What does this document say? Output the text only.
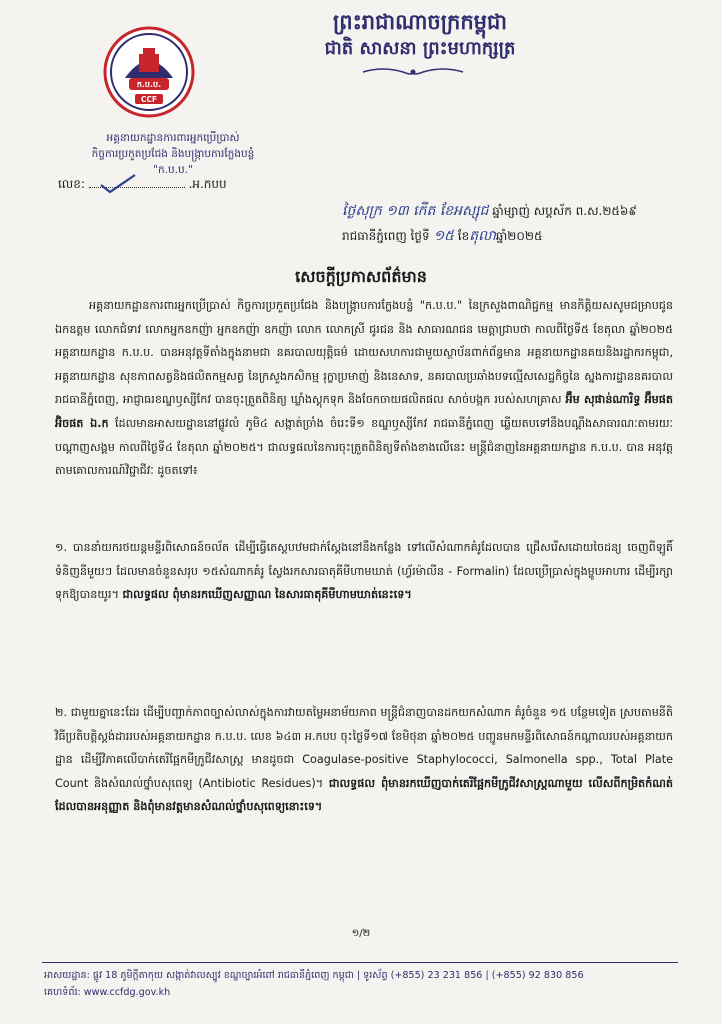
ក.ប.ប.
CCF
ព្រះរាជាណាចក្រកម្ពុជា
ជាតិ សាសនា ព្រះមហាក្សត្រ
អគ្គនាយកដ្ឋានការពារអ្នកប្រើប្រាស់
កិច្ចការប្រកួតប្រជែង និងបង្ក្រាបការក្លែងបន្លំ
"ក.ប.ប."
លេខ:	.អ.កបប
ថ្ងៃសុក្រ ១៣ កើត ខែអស្សុជ ឆ្នាំម្សាញ់ សប្តស័ក ព.ស.២៥៦៩
រាជធានីភ្នំពេញ ថ្ងៃទី ១៥ ខែតុលាឆ្នាំ២០២៥
សេចក្តីប្រកាសព័ត៌មាន
អគ្គនាយកដ្ឋានការពារអ្នកប្រើប្រាស់ កិច្ចការប្រកួតប្រជែង និងបង្ក្រាបការក្លែងបន្លំ "ក.ប.ប." នៃក្រសួងពាណិជ្ជកម្ម មានកិត្តិយសសូមជម្រាបជូន ឯកឧត្តម លោកជំទាវ លោកអ្នកឧកញ៉ា អ្នកឧកញ៉ា ឧកញ៉ា លោក លោកស្រី ជូរជន និង សាធារណជន មេត្តាជ្រាបថា កាលពីថ្ងៃទី៥ ខែតុលា ឆ្នាំ២០២៥ អគ្គនាយកដ្ឋាន ក.ប.ប. បានអនុវត្តទីតាំងក្នុងនាមជា នគរបាលយុត្តិធម៌ ដោយសហការជាមួយស្ថាប័នពាក់ព័ន្ធមាន អគ្គនាយកដ្ឋានគយនិងរដ្ឋាករកម្ពុជា, អគ្គនាយកដ្ឋាន សុខភាពសត្វនិងផលិតកម្មសត្វ នៃក្រសួងកសិកម្ម រុក្ខាប្រមាញ់ និងនេសាទ, នគរបាលប្រឆាំងបទល្មើសសេដ្ឋកិច្ចនៃ ស្នងការដ្ឋាននគរបាលរាជធានីភ្នំពេញ, អាជ្ញាធរខណ្ឌឫស្សីកែវ បានចុះត្រួតពិនិត្យ ឃ្លាំងស្តុកទុក និងចែកចាយផលិតផល សាច់បង្កក របស់សហគ្រាស អ៊ឹម សុផាន់ណារិទ្ធ អ៊ឹមផត អ៊ិចផត ឯ.ក ដែលមានអាសយដ្ឋាននៅផ្លូវលំ ភូមិ៤ សង្កាត់ច្រាំង ចំរេះទី១ ខណ្ឌឫស្សីកែវ រាជធានីភ្នំពេញ ឆ្លើយតបទៅនឹងបណ្តឹងសាធារណៈតាមរយៈបណ្តាញសង្គម កាលពីថ្ងៃទី៤ ខែតុលា ឆ្នាំ២០២៥។ ជាលទ្ធផលនៃការចុះត្រួតពិនិត្យទីតាំងខាងលើនេះ មន្ត្រីជំនាញនៃអគ្គនាយកដ្ឋាន ក.ប.ប. បាន អនុវត្តតាមគោលការណ៍វិជ្ជាជីវៈ ដូចតទៅ៖
១. បាននាំយករថយន្តមន្ទីរពិសោធន៍ចល័ត ដើម្បីធ្វើតេស្តបឋមជាក់ស្តែងនៅនឹងកន្លែង ទៅលើសំណាកគំរូដែលបាន ជ្រើសរើសដោយចៃដន្យ ចេញពីឡូតិ៍ទំនិញនីមួយៗ ដែលមានចំនួនសរុប ១៥សំណាកគំរូ ស្វែងរកសារធាតុគីមីហាមឃាត់ (ហ្វ័រម៉ាលីន - Formalin) ដែលប្រើប្រាស់ក្នុងម្ហូបអាហារ ដើម្បីរក្សាទុកឱ្យបានយូរ។ ជាលទ្ធផល ពុំមានរកឃើញសញ្ញាណ នៃសារធាតុគីមីហាមឃាត់នេះទេ។
២. ជាមួយគ្នានេះដែរ ដើម្បីបញ្ជាក់ភាពច្បាស់លាស់ក្នុងការវាយតម្លៃអនាម័យភាព មន្ត្រីជំនាញបានដកយកសំណាក គំរូចំនួន ១៥ បន្ថែមទៀត ស្របតាមនីតិវិធីប្រតិបត្តិស្តង់ដាររបស់អគ្គនាយកដ្ឋាន ក.ប.ប. លេខ ៦៤៣ អ.កបប ចុះថ្ងៃទី១៧ ខែមិថុនា ឆ្នាំ២០២៥ បញ្ជូនមកមន្ទីរពិសោធន៍កណ្តាលរបស់អគ្គនាយកដ្ឋាន ដើម្បីវិភាគលើបាក់តេរីផ្អែកមីក្រូជីវសាស្ត្រ មានដូចជា Coagulase-positive Staphylococci, Salmonella spp., Total Plate Count និងសំណល់ថ្នាំបសុពេទ្យ (Antibiotic Residues)។ ជាលទ្ធផល ពុំមានរកឃើញបាក់តេរីផ្អែកមីក្រូជីវសាស្ត្រណាមួយ លើសពីកម្រិតកំណត់ ដែលបានអនុញ្ញាត និងពុំមានវត្តមានសំណល់ថ្នាំបសុពេទ្យនោះទេ។
១/២
អាសយដ្ឋាន: ផ្លូវ 18 ភូមិក្តីតាកុយ សង្កាត់វាលស្បូវ ខណ្ឌច្បារអំពៅ រាជធានីភ្នំពេញ កម្ពុជា | ទូរស័ព្ទ (+855) 23 231 856 | (+855) 92 830 856
គេហទំព័រ: www.ccfdg.gov.kh
